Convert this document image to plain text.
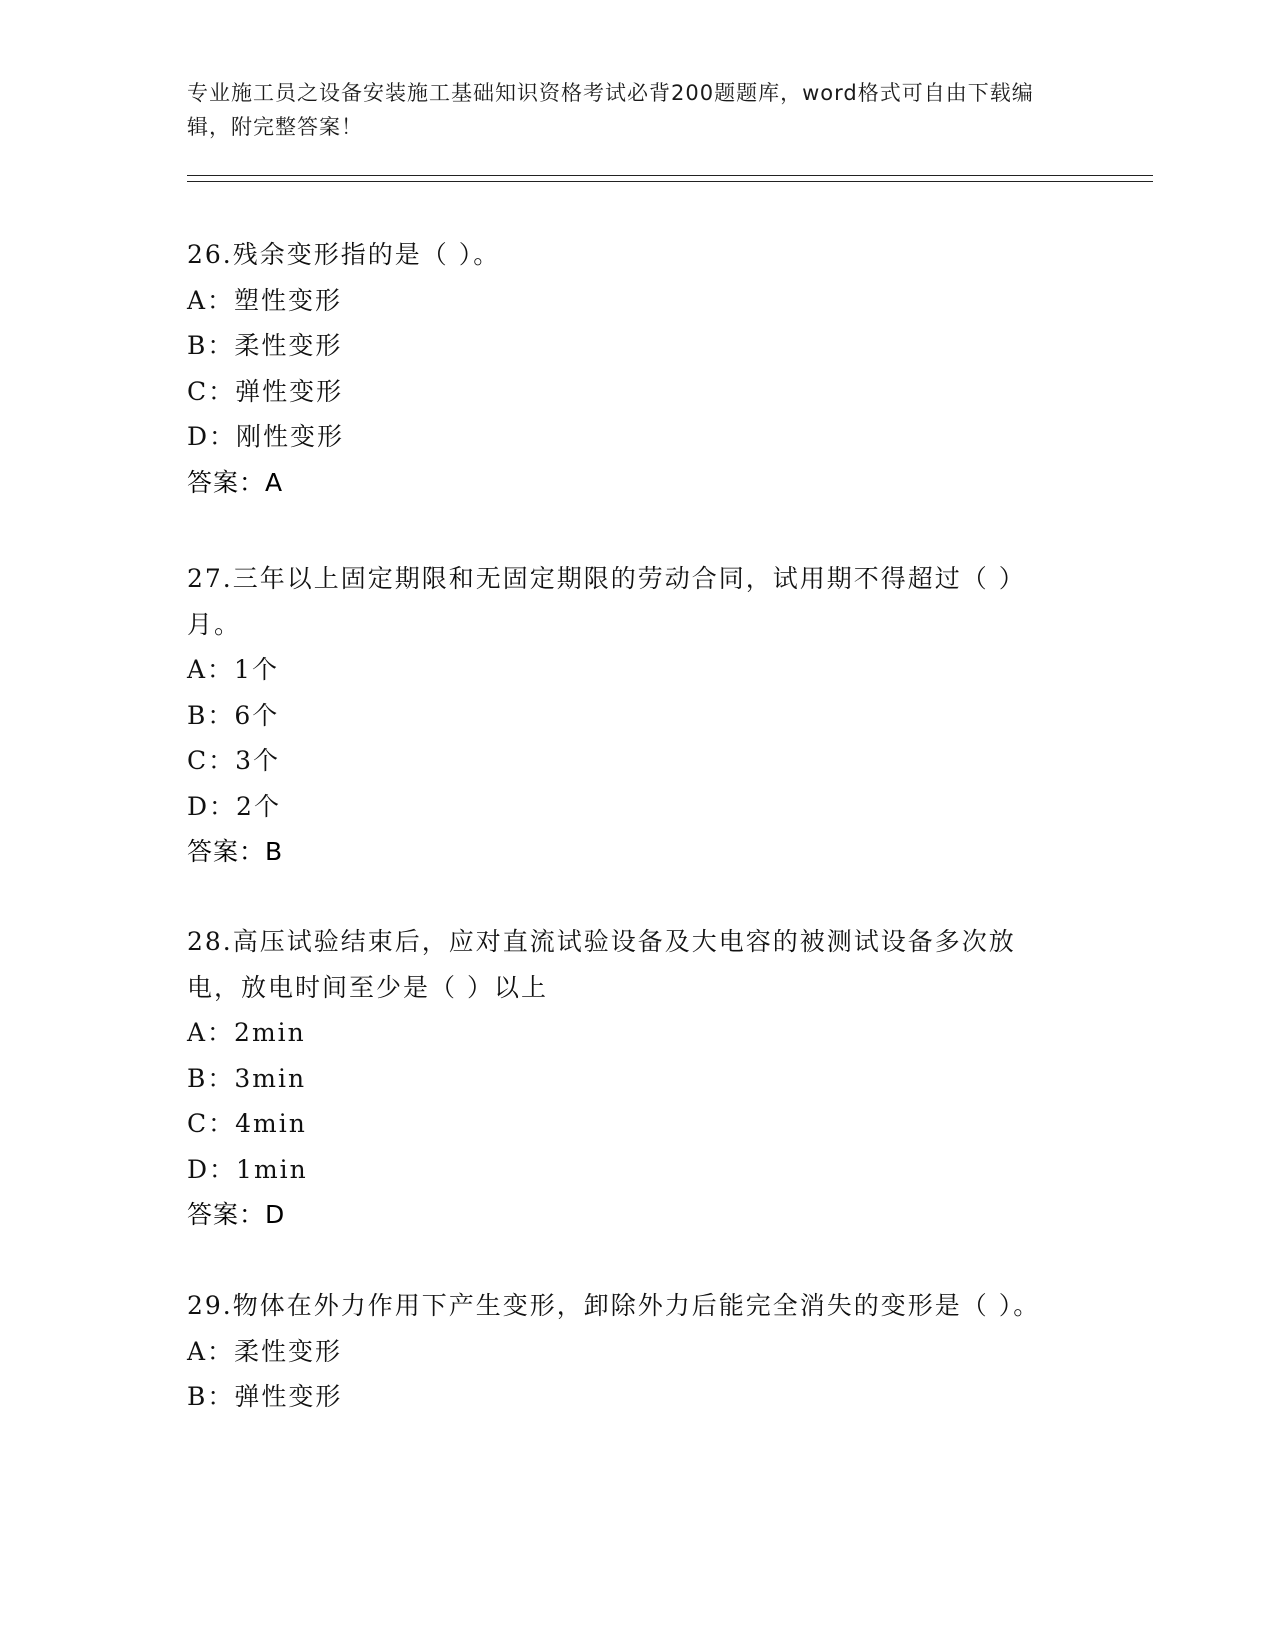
专业施工员之设备安装施工基础知识资格考试必背200题题库，word格式可自由下载编辑，附完整答案！
26.残余变形指的是（ ）。
A：塑性变形
B：柔性变形
C：弹性变形
D：刚性变形
答案：A
27.三年以上固定期限和无固定期限的劳动合同，试用期不得超过（ ）月。
A：1个
B：6个
C：3个
D：2个
答案：B
28.高压试验结束后，应对直流试验设备及大电容的被测试设备多次放电，放电时间至少是（ ）以上
A：2min
B：3min
C：4min
D：1min
答案：D
29.物体在外力作用下产生变形，卸除外力后能完全消失的变形是（ ）。
A：柔性变形
B：弹性变形
